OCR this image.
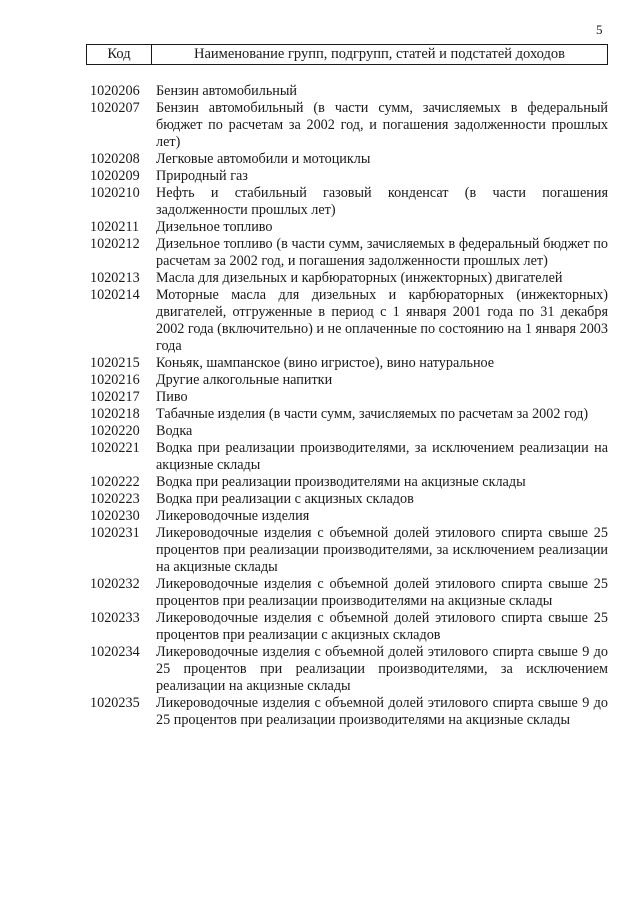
5
Код	Наименование групп, подгрупп, статей и подстатей доходов
1020206	Бензин автомобильный
1020207	Бензин автомобильный (в части сумм, зачисляемых в федеральный бюджет по расчетам за 2002 год, и погашения задолженности прошлых лет)
1020208	Легковые автомобили и мотоциклы
1020209	Природный газ
1020210	Нефть и стабильный газовый конденсат (в части погашения задолженности прошлых лет)
1020211	Дизельное топливо
1020212	Дизельное топливо (в части сумм, зачисляемых в федеральный бюджет по расчетам за 2002 год, и погашения задолженности прошлых лет)
1020213	Масла для дизельных и карбюраторных (инжекторных) двигателей
1020214	Моторные масла для дизельных и карбюраторных (инжекторных) двигателей, отгруженные в период с 1 января 2001 года по 31 декабря 2002 года (включительно) и не оплаченные по состоянию на 1 января 2003 года
1020215	Коньяк, шампанское (вино игристое), вино натуральное
1020216	Другие алкогольные напитки
1020217	Пиво
1020218	Табачные изделия (в части сумм, зачисляемых по расчетам за 2002 год)
1020220	Водка
1020221	Водка при реализации производителями, за исключением реализации на акцизные склады
1020222	Водка при реализации производителями на акцизные склады
1020223	Водка при реализации с акцизных складов
1020230	Ликероводочные изделия
1020231	Ликероводочные изделия с объемной долей этилового спирта свыше 25 процентов при реализации производителями, за исключением реализации на акцизные склады
1020232	Ликероводочные изделия с объемной долей этилового спирта свыше 25 процентов при реализации производителями на акцизные склады
1020233	Ликероводочные изделия с объемной долей этилового спирта свыше 25 процентов при реализации с акцизных складов
1020234	Ликероводочные изделия с объемной долей этилового спирта свыше 9 до 25 процентов при реализации производителями, за исключением реализации на акцизные склады
1020235	Ликероводочные изделия с объемной долей этилового спирта свыше 9 до 25 процентов при реализации производителями на акцизные склады
